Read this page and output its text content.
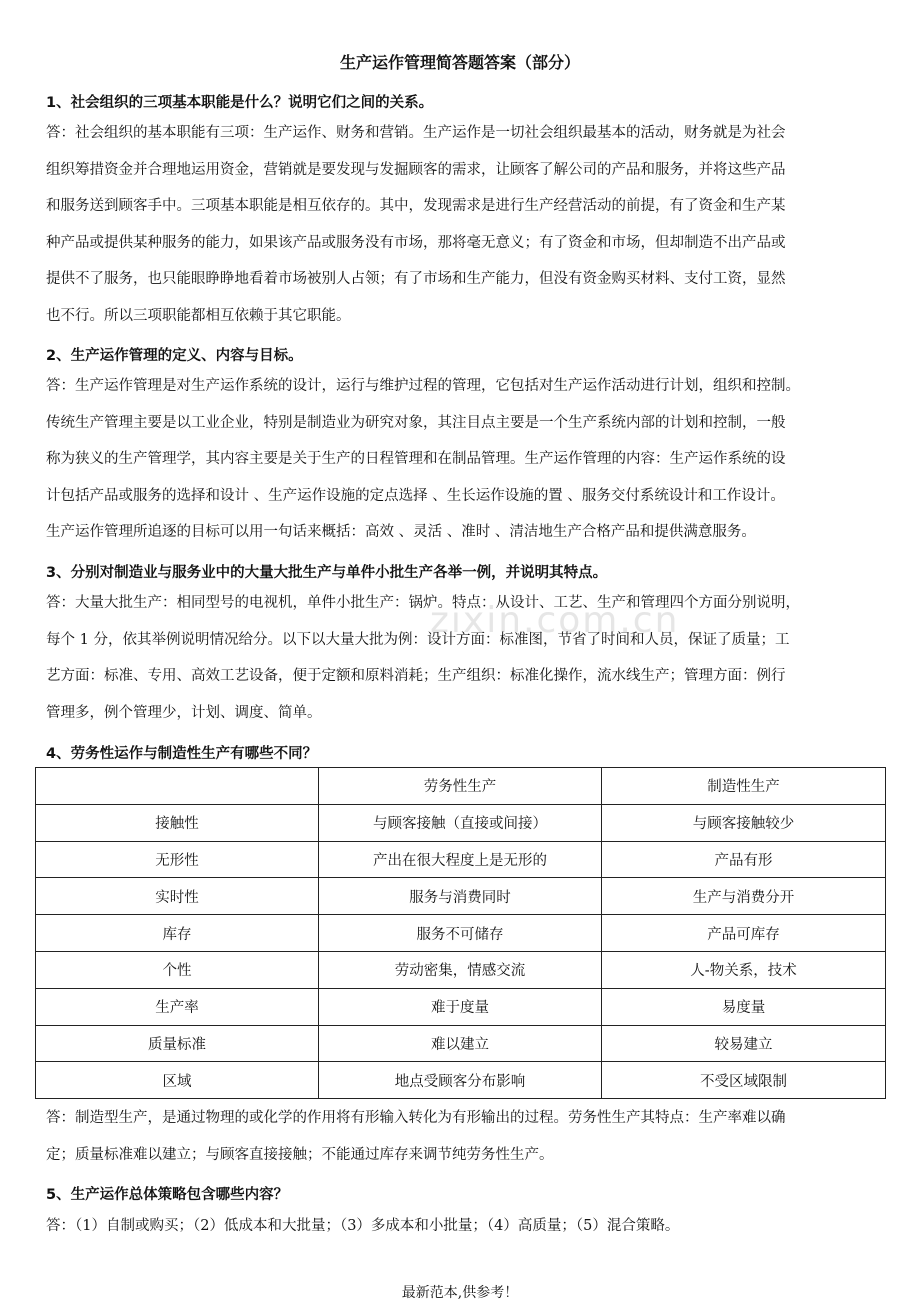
zixin.com.cn
生产运作管理简答题答案（部分）
1、社会组织的三项基本职能是什么？说明它们之间的关系。
答：社会组织的基本职能有三项：生产运作、财务和营销。生产运作是一切社会组织最基本的活动，财务就是为社会
组织筹措资金并合理地运用资金，营销就是要发现与发掘顾客的需求，让顾客了解公司的产品和服务，并将这些产品
和服务送到顾客手中。三项基本职能是相互依存的。其中，发现需求是进行生产经营活动的前提，有了资金和生产某
种产品或提供某种服务的能力，如果该产品或服务没有市场，那将毫无意义；有了资金和市场，但却制造不出产品或
提供不了服务，也只能眼睁睁地看着市场被别人占领；有了市场和生产能力，但没有资金购买材料、支付工资，显然
也不行。所以三项职能都相互依赖于其它职能。
2、生产运作管理的定义、内容与目标。
答：生产运作管理是对生产运作系统的设计，运行与维护过程的管理，它包括对生产运作活动进行计划，组织和控制。
传统生产管理主要是以工业企业，特别是制造业为研究对象，其注目点主要是一个生产系统内部的计划和控制，一般
称为狭义的生产管理学，其内容主要是关于生产的日程管理和在制品管理。生产运作管理的内容：生产运作系统的设
计包括产品或服务的选择和设计 、生产运作设施的定点选择 、生长运作设施的置 、服务交付系统设计和工作设计。
生产运作管理所追逐的目标可以用一句话来概括：高效 、灵活 、准时 、清洁地生产合格产品和提供满意服务。
3、分别对制造业与服务业中的大量大批生产与单件小批生产各举一例，并说明其特点。
答：大量大批生产：相同型号的电视机，单件小批生产：锅炉。特点：从设计、工艺、生产和管理四个方面分别说明，
每个 1 分，依其举例说明情况给分。以下以大量大批为例：设计方面：标准图，节省了时间和人员，保证了质量；工
艺方面：标准、专用、高效工艺设备，便于定额和原料消耗；生产组织：标准化操作，流水线生产；管理方面：例行
管理多，例个管理少，计划、调度、简单。
4、劳务性运作与制造性生产有哪些不同？
	劳务性生产	制造性生产
接触性	与顾客接触（直接或间接）	与顾客接触较少
无形性	产出在很大程度上是无形的	产品有形
实时性	服务与消费同时	生产与消费分开
库存	服务不可储存	产品可库存
个性	劳动密集，情感交流	人-物关系，技术
生产率	难于度量	易度量
质量标准	难以建立	较易建立
区域	地点受顾客分布影响	不受区域限制
答：制造型生产，是通过物理的或化学的作用将有形输入转化为有形输出的过程。劳务性生产其特点：生产率难以确
定；质量标准难以建立；与顾客直接接触；不能通过库存来调节纯劳务性生产。
5、生产运作总体策略包含哪些内容？
答：（1）自制或购买；（2）低成本和大批量；（3）多成本和小批量；（4）高质量；（5）混合策略。
最新范本,供参考！
